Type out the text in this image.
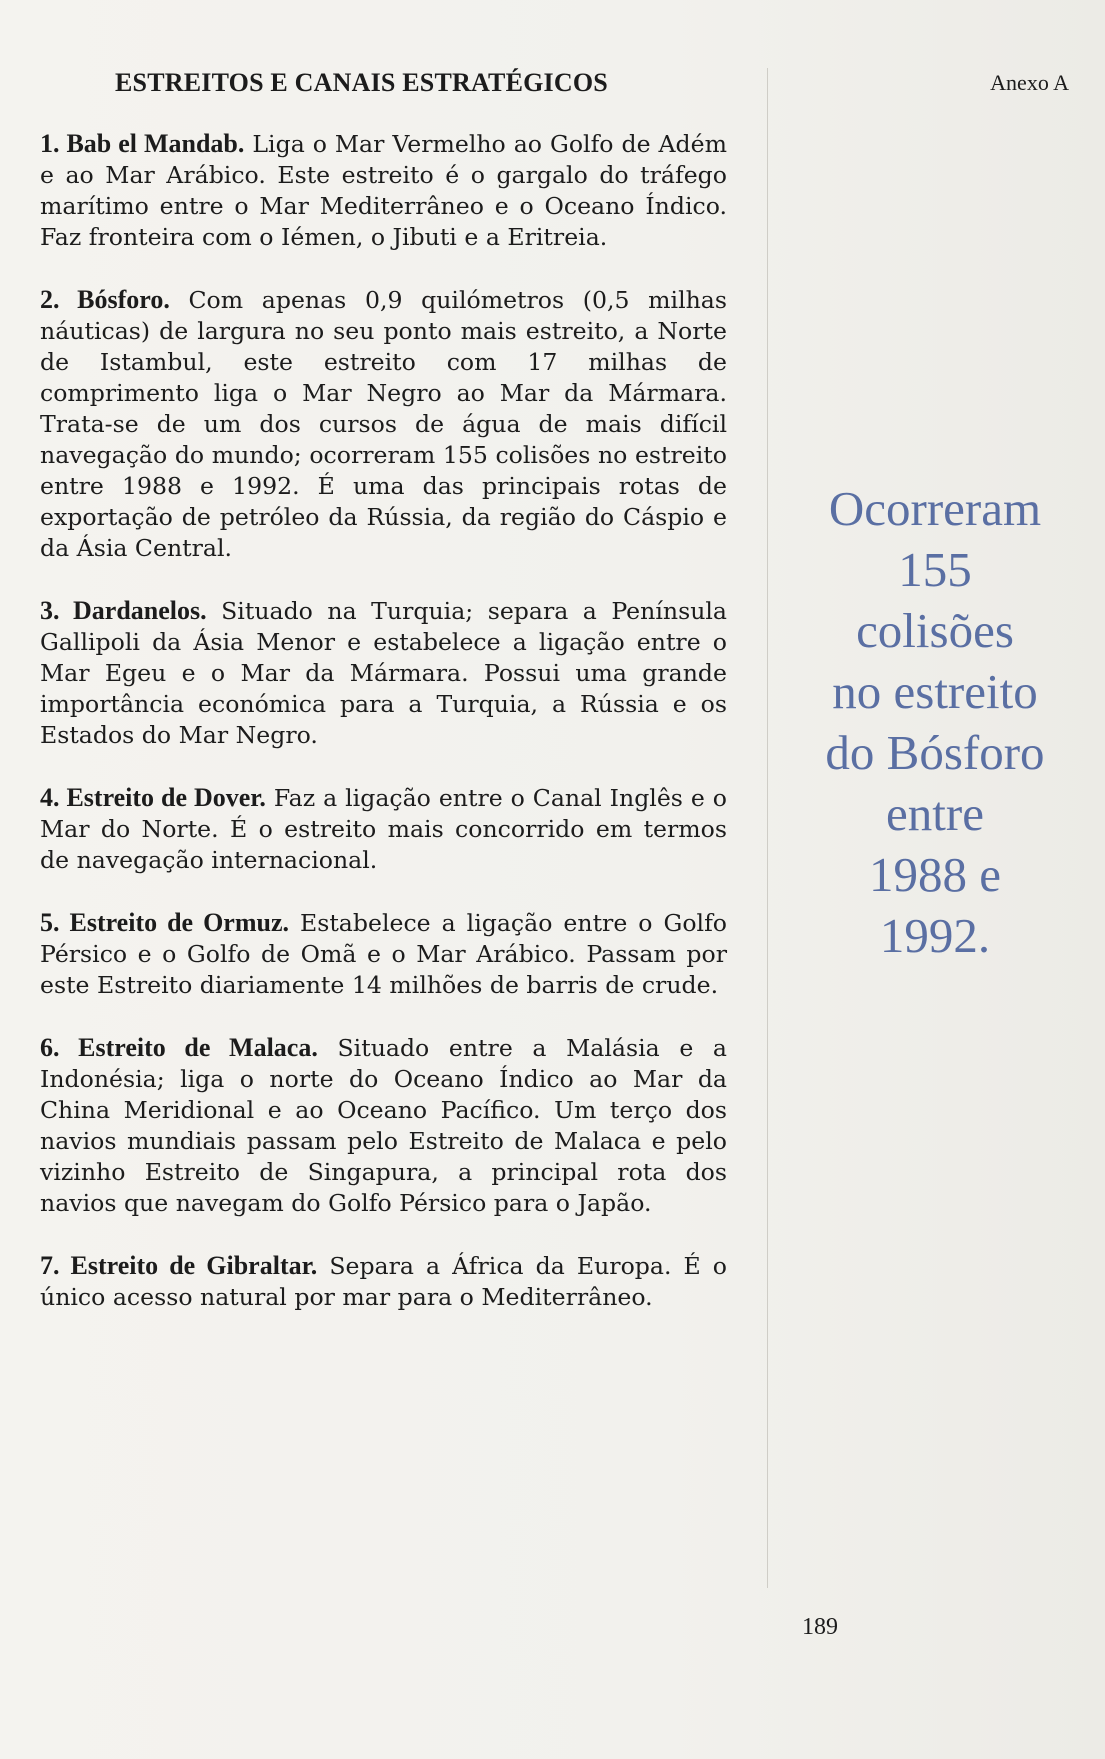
ESTREITOS E CANAIS ESTRATÉGICOS	Anexo A

1. Bab el Mandab. Liga o Mar Vermelho ao Golfo de Adém e ao Mar Arábico. Este estreito é o gargalo do tráfego marítimo entre o Mar Mediterrâneo e o Oceano Índico. Faz fronteira com o Iémen, o Jibuti e a Eritreia.

2. Bósforo. Com apenas 0,9 quilómetros (0,5 milhas náuticas) de largura no seu ponto mais estreito, a Norte de Istambul, este estreito com 17 milhas de comprimento liga o Mar Negro ao Mar da Mármara. Trata-se de um dos cursos de água de mais difícil navegação do mundo; ocorreram 155 colisões no estreito entre 1988 e 1992. É uma das principais rotas de exportação de petróleo da Rússia, da região do Cáspio e da Ásia Central.

3. Dardanelos. Situado na Turquia; separa a Península Gallipoli da Ásia Menor e estabelece a ligação entre o Mar Egeu e o Mar da Mármara. Possui uma grande importância económica para a Turquia, a Rússia e os Estados do Mar Negro.

4. Estreito de Dover. Faz a ligação entre o Canal Inglês e o Mar do Norte. É o estreito mais concorrido em termos de navegação internacional.

5. Estreito de Ormuz. Estabelece a ligação entre o Golfo Pérsico e o Golfo de Omã e o Mar Arábico. Passam por este Estreito diariamente 14 milhões de barris de crude.

6. Estreito de Malaca. Situado entre a Malásia e a Indonésia; liga o norte do Oceano Índico ao Mar da China Meridional e ao Oceano Pacífico. Um terço dos navios mundiais passam pelo Estreito de Malaca e pelo vizinho Estreito de Singapura, a principal rota dos navios que navegam do Golfo Pérsico para o Japão.

7. Estreito de Gibraltar. Separa a África da Europa. É o único acesso natural por mar para o Mediterrâneo.

Ocorreram
155
colisões
no estreito
do Bósforo
entre
1988 e
1992.
189
